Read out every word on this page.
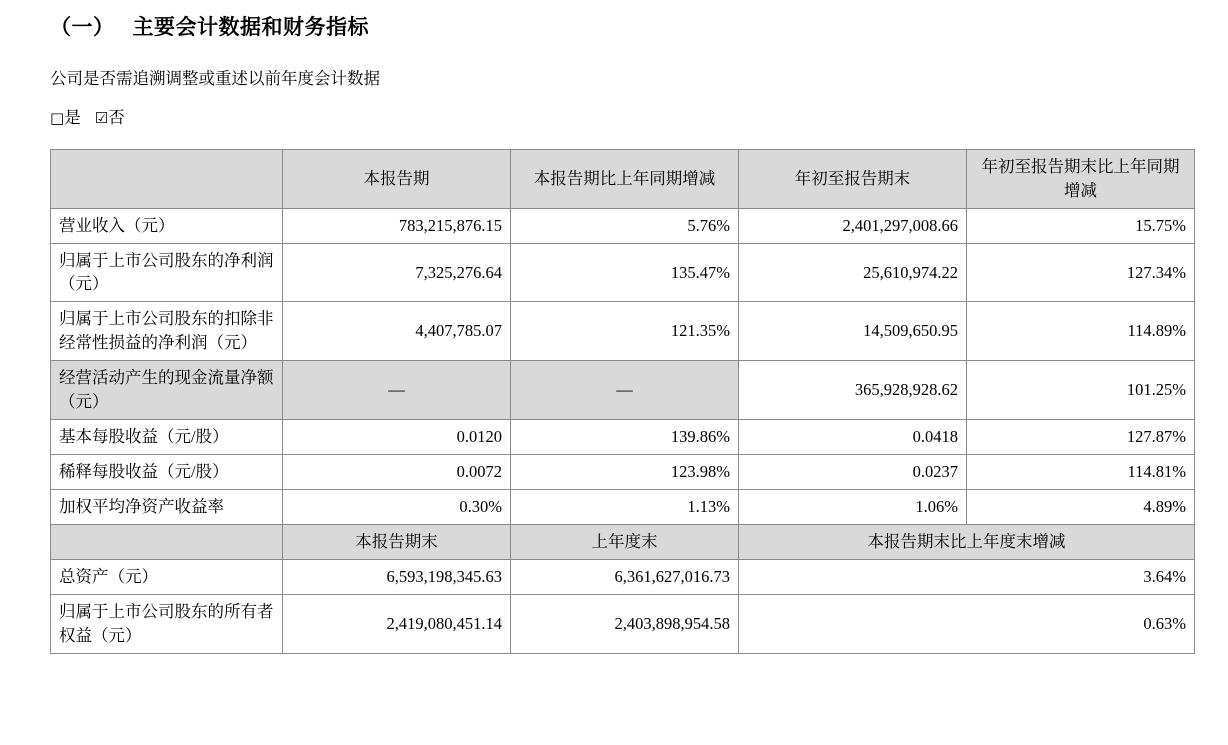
（一） 主要会计数据和财务指标

公司是否需追溯调整或重述以前年度会计数据

□是 ☑否

	本报告期	本报告期比上年同期增减	年初至报告期末	年初至报告期末比上年同期增减
营业收入（元）	783,215,876.15	5.76%	2,401,297,008.66	15.75%
归属于上市公司股东的净利润（元）	7,325,276.64	135.47%	25,610,974.22	127.34%
归属于上市公司股东的扣除非经常性损益的净利润（元）	4,407,785.07	121.35%	14,509,650.95	114.89%
经营活动产生的现金流量净额（元）	—	—	365,928,928.62	101.25%
基本每股收益（元/股）	0.0120	139.86%	0.0418	127.87%
稀释每股收益（元/股）	0.0072	123.98%	0.0237	114.81%
加权平均净资产收益率	0.30%	1.13%	1.06%	4.89%
	本报告期末	上年度末	本报告期末比上年度末增减	
总资产（元）	6,593,198,345.63	6,361,627,016.73	3.64%	
归属于上市公司股东的所有者权益（元）	2,419,080,451.14	2,403,898,954.58	0.63%	
